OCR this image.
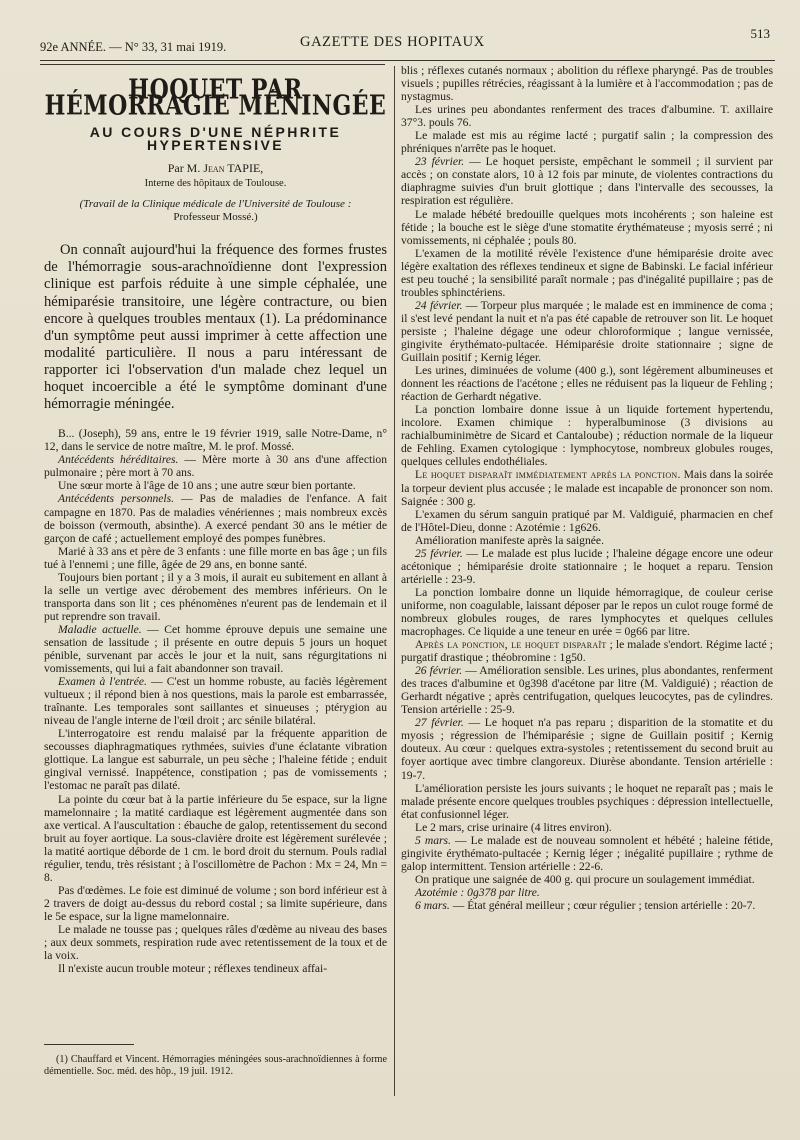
92e ANNÉE. — N° 33, 31 mai 1919.	GAZETTE DES HOPITAUX
513
HOQUET PAR HÉMORRAGIE MÉNINGÉE
AU COURS D'UNE NÉPHRITE HYPERTENSIVE
Par M. Jean TAPIE,
Interne des hôpitaux de Toulouse.
(Travail de la Clinique médicale de l'Université de Toulouse :
Professeur Mossé.)

On connaît aujourd'hui la fréquence des formes frustes de l'hémorragie sous-arachnoïdienne dont l'expression clinique est parfois réduite à une simple céphalée, une hémiparésie transitoire, une légère contracture, ou bien encore à quelques troubles mentaux (1). La prédominance d'un symptôme peut aussi imprimer à cette affection une modalité particulière. Il nous a paru intéressant de rapporter ici l'observation d'un malade chez lequel un hoquet incoercible a été le symptôme dominant d'une hémorragie méningée.

B... (Joseph), 59 ans, entre le 19 février 1919, salle Notre-Dame, n° 12, dans le service de notre maître, M. le prof. Mossé.

Antécédents héréditaires. — Mère morte à 30 ans d'une affection pulmonaire ; père mort à 70 ans.

Une sœur morte à l'âge de 10 ans ; une autre sœur bien portante.

Antécédents personnels. — Pas de maladies de l'enfance. A fait campagne en 1870. Pas de maladies vénériennes ; mais nombreux excès de boisson (vermouth, absinthe). A exercé pendant 30 ans le métier de garçon de café ; actuellement employé des pompes funèbres.

Marié à 33 ans et père de 3 enfants : une fille morte en bas âge ; un fils tué à l'ennemi ; une fille, âgée de 29 ans, en bonne santé.

Toujours bien portant ; il y a 3 mois, il aurait eu subitement en allant à la selle un vertige avec dérobement des membres inférieurs. On le transporta dans son lit ; ces phénomènes n'eurent pas de lendemain et il put reprendre son travail.

Maladie actuelle. — Cet homme éprouve depuis une semaine une sensation de lassitude ; il présente en outre depuis 5 jours un hoquet pénible, survenant par accès le jour et la nuit, sans régurgitations ni vomissements, qui lui a fait abandonner son travail.

Examen à l'entrée. — C'est un homme robuste, au faciès légèrement vultueux ; il répond bien à nos questions, mais la parole est embarrassée, traînante. Les temporales sont saillantes et sinueuses ; ptérygion au niveau de l'angle interne de l'œil droit ; arc sénile bilatéral.

L'interrogatoire est rendu malaisé par la fréquente apparition de secousses diaphragmatiques rythmées, suivies d'une éclatante vibration glottique. La langue est saburrale, un peu sèche ; l'haleine fétide ; enduit gingival vernissé. Inappétence, constipation ; pas de vomissements ; l'estomac ne paraît pas dilaté.

La pointe du cœur bat à la partie inférieure du 5e espace, sur la ligne mamelonnaire ; la matité cardiaque est légèrement augmentée dans son axe vertical. A l'auscultation : ébauche de galop, retentissement du second bruit au foyer aortique. La sous-clavière droite est légèrement surélevée ; la matité aortique déborde de 1 cm. le bord droit du sternum. Pouls radial régulier, tendu, très résistant ; à l'oscillomètre de Pachon : Mx = 24, Mn = 8.

Pas d'œdèmes. Le foie est diminué de volume ; son bord inférieur est à 2 travers de doigt au-dessus du rebord costal ; sa limite supérieure, dans le 5e espace, sur la ligne mamelonnaire.

Le malade ne tousse pas ; quelques râles d'œdème au niveau des bases ; aux deux sommets, respiration rude avec retentissement de la toux et de la voix.

Il n'existe aucun trouble moteur ; réflexes tendineux affai-

(1) Chauffard et Vincent. Hémorragies méningées sous-arachnoïdiennes à forme démentielle. Soc. méd. des hôp., 19 juil. 1912.

blis ; réflexes cutanés normaux ; abolition du réflexe pharyngé. Pas de troubles visuels ; pupilles rétrécies, réagissant à la lumière et à l'accommodation ; pas de nystagmus.

Les urines peu abondantes renferment des traces d'albumine. T. axillaire 37°3. pouls 76.

Le malade est mis au régime lacté ; purgatif salin ; la compression des phréniques n'arrête pas le hoquet.

23 février. — Le hoquet persiste, empêchant le sommeil ; il survient par accès ; on constate alors, 10 à 12 fois par minute, de violentes contractions du diaphragme suivies d'un bruit glottique ; dans l'intervalle des secousses, la respiration est régulière.

Le malade hébété bredouille quelques mots incohérents ; son haleine est fétide ; la bouche est le siège d'une stomatite érythémateuse ; myosis serré ; ni vomissements, ni céphalée ; pouls 80.

L'examen de la motilité révèle l'existence d'une hémiparésie droite avec légère exaltation des réflexes tendineux et signe de Babinski. Le facial inférieur est peu touché ; la sensibilité paraît normale ; pas d'inégalité pupillaire ; pas de troubles sphinctériens.

24 février. — Torpeur plus marquée ; le malade est en imminence de coma ; il s'est levé pendant la nuit et n'a pas été capable de retrouver son lit. Le hoquet persiste ; l'haleine dégage une odeur chloroformique ; langue vernissée, gingivite érythémato-pultacée. Hémiparésie droite stationnaire ; signe de Guillain positif ; Kernig léger.

Les urines, diminuées de volume (400 g.), sont légèrement albumineuses et donnent les réactions de l'acétone ; elles ne réduisent pas la liqueur de Fehling ; réaction de Gerhardt négative.

La ponction lombaire donne issue à un liquide fortement hypertendu, incolore. Examen chimique : hyperalbuminose (3 divisions au rachialbuminimètre de Sicard et Cantaloube) ; réduction normale de la liqueur de Fehling. Examen cytologique : lymphocytose, nombreux globules rouges, quelques cellules endothéliales.

Le hoquet disparaît immédiatement après la ponction. Mais dans la soirée la torpeur devient plus accusée ; le malade est incapable de prononcer son nom. Saignée : 300 g.

L'examen du sérum sanguin pratiqué par M. Valdiguié, pharmacien en chef de l'Hôtel-Dieu, donne : Azotémie : 1g626.

Amélioration manifeste après la saignée.

25 février. — Le malade est plus lucide ; l'haleine dégage encore une odeur acétonique ; hémiparésie droite stationnaire ; le hoquet a reparu. Tension artérielle : 23-9.

La ponction lombaire donne un liquide hémorragique, de couleur cerise uniforme, non coagulable, laissant déposer par le repos un culot rouge formé de nombreux globules rouges, de rares lymphocytes et quelques cellules macrophages. Ce liquide a une teneur en urée = 0g66 par litre.

Après la ponction, le hoquet disparaît ; le malade s'endort. Régime lacté ; purgatif drastique ; théobromine : 1g50.

26 février. — Amélioration sensible. Les urines, plus abondantes, renferment des traces d'albumine et 0g398 d'acétone par litre (M. Valdiguié) ; réaction de Gerhardt négative ; après centrifugation, quelques leucocytes, pas de cylindres. Tension artérielle : 25-9.

27 février. — Le hoquet n'a pas reparu ; disparition de la stomatite et du myosis ; régression de l'hémiparésie ; signe de Guillain positif ; Kernig douteux. Au cœur : quelques extra-systoles ; retentissement du second bruit au foyer aortique avec timbre clangoreux. Diurèse abondante. Tension artérielle : 19-7.

L'amélioration persiste les jours suivants ; le hoquet ne reparaît pas ; mais le malade présente encore quelques troubles psychiques : dépression intellectuelle, état confusionnel léger.

Le 2 mars, crise urinaire (4 litres environ).

5 mars. — Le malade est de nouveau somnolent et hébété ; haleine fétide, gingivite érythémato-pultacée ; Kernig léger ; inégalité pupillaire ; rythme de galop intermittent. Tension artérielle : 22-6.

On pratique une saignée de 400 g. qui procure un soulagement immédiat.

Azotémie : 0g378 par litre.

6 mars. — État général meilleur ; cœur régulier ; tension artérielle : 20-7.
